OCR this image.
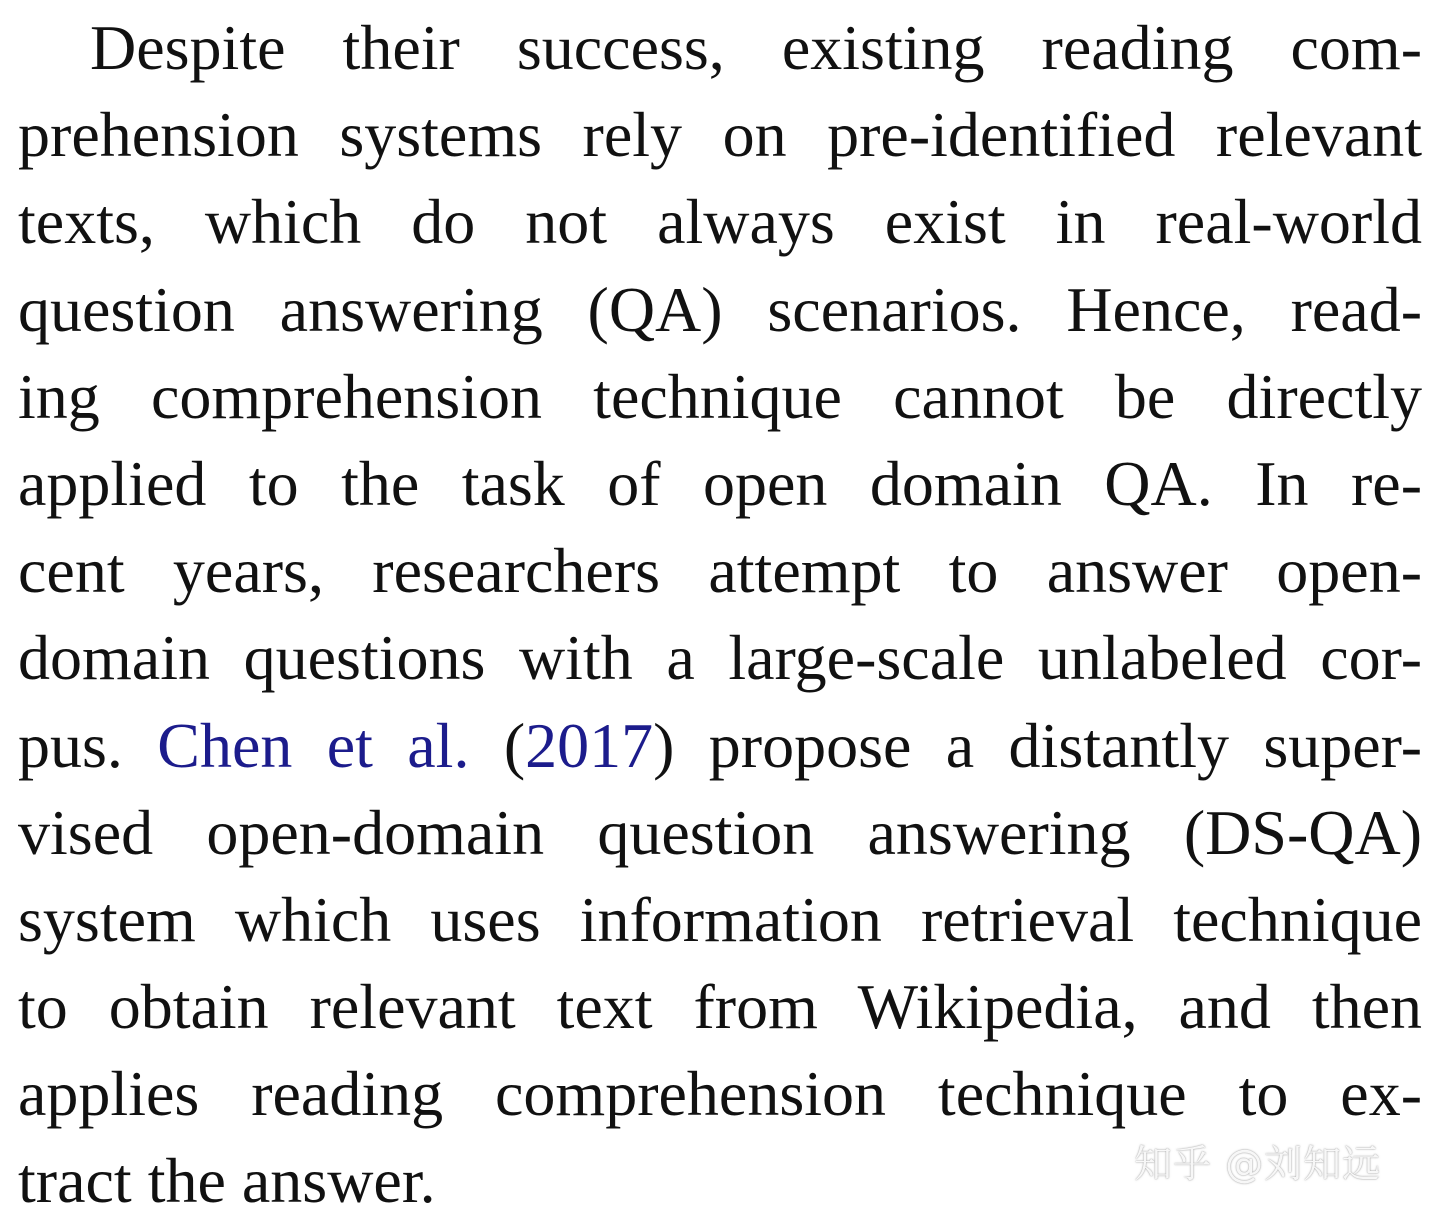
Despite their success, existing reading com-
prehension systems rely on pre-identified relevant
texts, which do not always exist in real-world
question answering (QA) scenarios. Hence, read-
ing comprehension technique cannot be directly
applied to the task of open domain QA. In re-
cent years, researchers attempt to answer open-
domain questions with a large-scale unlabeled cor-
pus. Chen et al. (2017) propose a distantly super-
vised open-domain question answering (DS-QA)
system which uses information retrieval technique
to obtain relevant text from Wikipedia, and then
applies reading comprehension technique to ex-
tract the answer.	知乎 @刘知远
